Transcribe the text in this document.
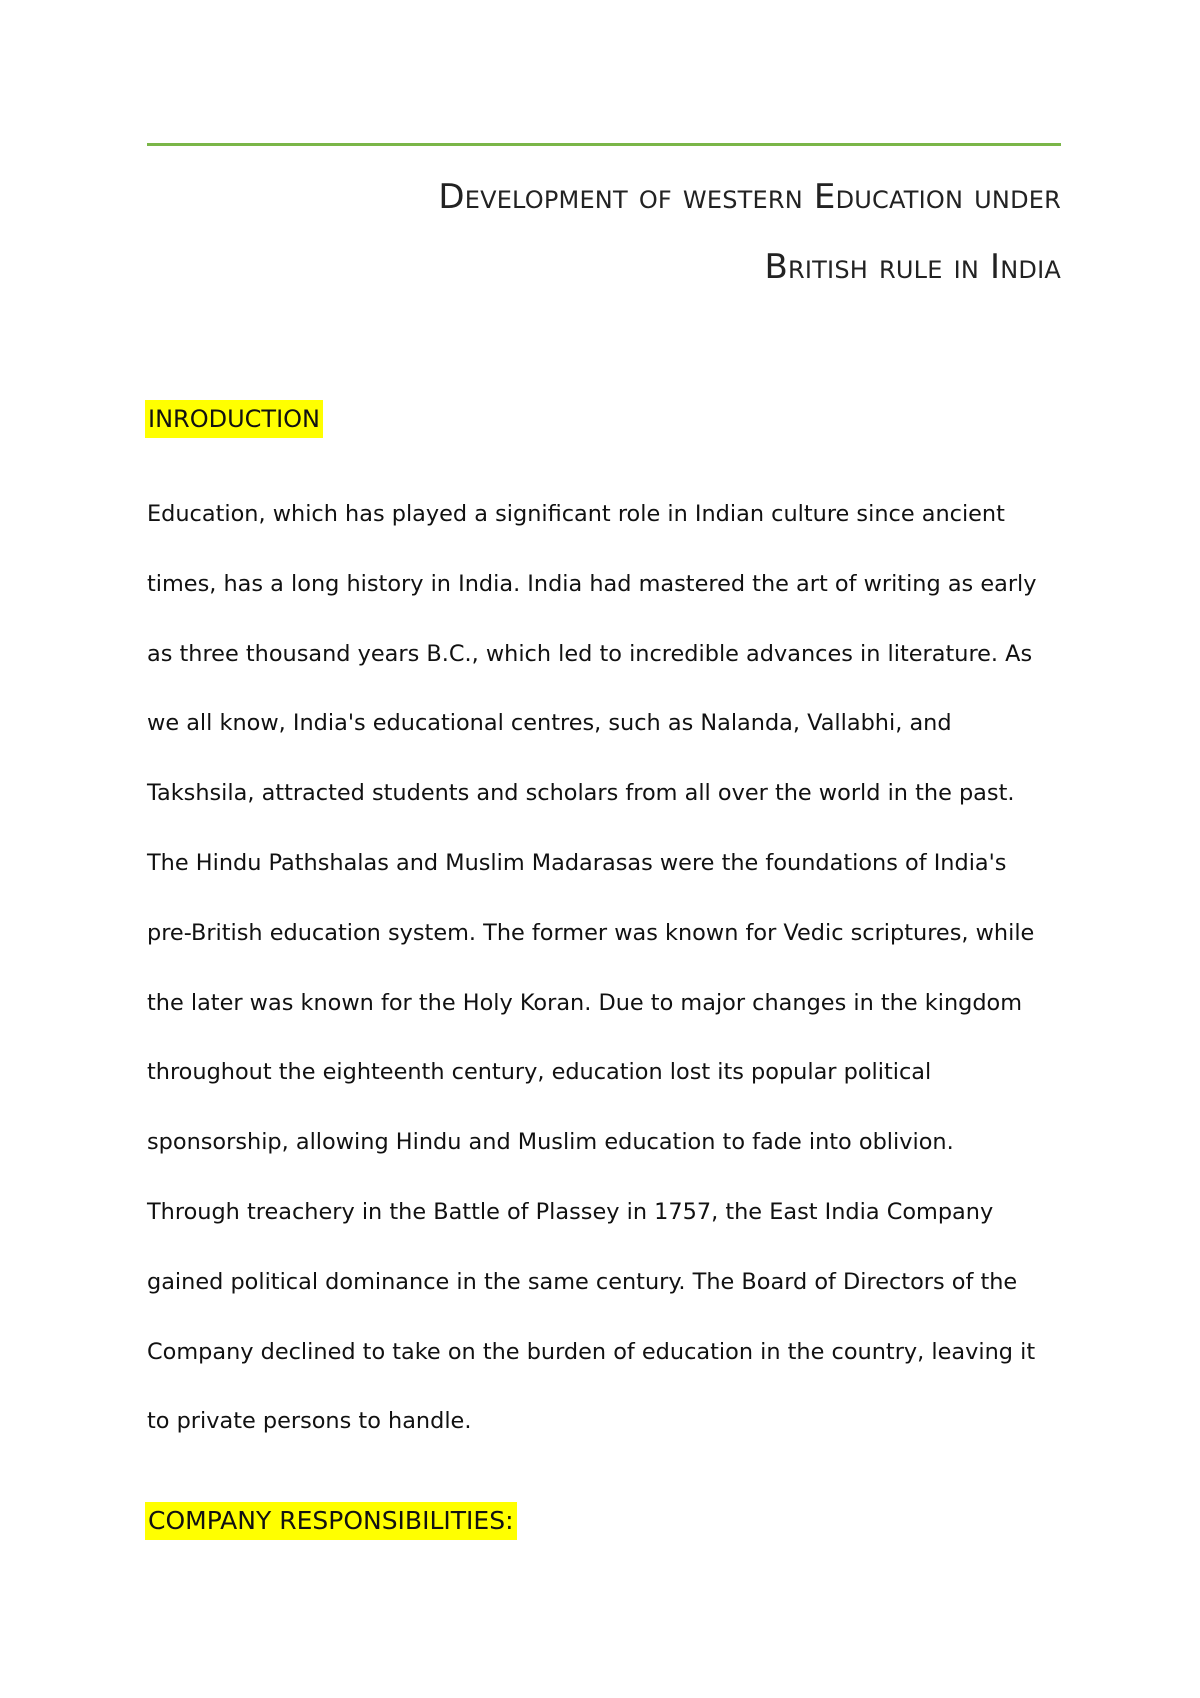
Development of western Education under
British rule in India
INRODUCTION
Education, which has played a significant role in Indian culture since ancient
times, has a long history in India. India had mastered the art of writing as early
as three thousand years B.C., which led to incredible advances in literature. As
we all know, India's educational centres, such as Nalanda, Vallabhi, and
Takshsila, attracted students and scholars from all over the world in the past.
The Hindu Pathshalas and Muslim Madarasas were the foundations of India's
pre-British education system. The former was known for Vedic scriptures, while
the later was known for the Holy Koran. Due to major changes in the kingdom
throughout the eighteenth century, education lost its popular political
sponsorship, allowing Hindu and Muslim education to fade into oblivion.
Through treachery in the Battle of Plassey in 1757, the East India Company
gained political dominance in the same century. The Board of Directors of the
Company declined to take on the burden of education in the country, leaving it
to private persons to handle.
COMPANY RESPONSIBILITIES:
